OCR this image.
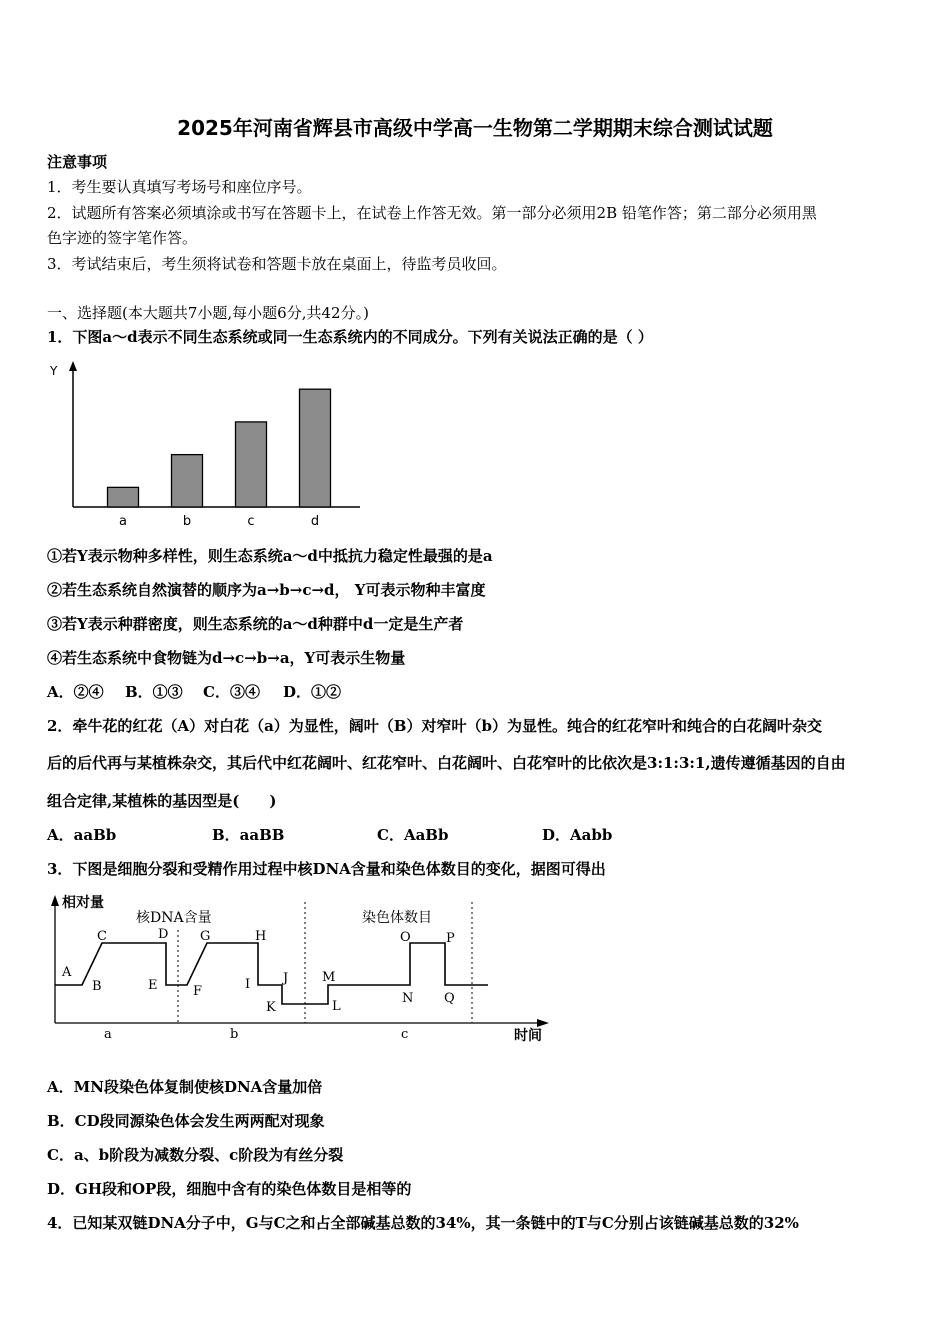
2025年河南省辉县市高级中学高一生物第二学期期末综合测试试题
注意事项
1．考生要认真填写考场号和座位序号。
2．试题所有答案必须填涂或书写在答题卡上，在试卷上作答无效。第一部分必须用2B 铅笔作答；第二部分必须用黑
色字迹的签字笔作答。
3．考试结束后，考生须将试卷和答题卡放在桌面上，待监考员收回。
一、选择题(本大题共7小题,每小题6分,共42分。)
1．下图a～d表示不同生态系统或同一生态系统内的不同成分。下列有关说法正确的是（ ）
Y
a	b	c	d
①若Y表示物种多样性，则生态系统a～d中抵抗力稳定性最强的是a
②若生态系统自然演替的顺序为a→b→c→d， Y可表示物种丰富度
③若Y表示种群密度，则生态系统的a～d种群中d一定是生产者
④若生态系统中食物链为d→c→b→a，Y可表示生物量
A．②④ B．①③ C．③④ D．①②
2．牵牛花的红花（A）对白花（a）为显性，阔叶（B）对窄叶（b）为显性。纯合的红花窄叶和纯合的白花阔叶杂交
后的后代再与某植株杂交，其后代中红花阔叶、红花窄叶、白花阔叶、白花窄叶的比依次是3:1:3:1,遗传遵循基因的自由
组合定律,某植株的基因型是(　　)
A．aaBb	B．aaBB	C．AaBb	D．Aabb
3．下图是细胞分裂和受精作用过程中核DNA含量和染色体数目的变化，据图可得出
相对量
时间
核DNA含量	染色体数目
A
B
C	D
E	F
G	H
I	J
K	L
M
N
O	P
Q
a	b	c
A．MN段染色体复制使核DNA含量加倍
B．CD段同源染色体会发生两两配对现象
C．a、b阶段为减数分裂、c阶段为有丝分裂
D．GH段和OP段，细胞中含有的染色体数目是相等的
4．已知某双链DNA分子中，G与C之和占全部碱基总数的34%，其一条链中的T与C分别占该链碱基总数的32%
